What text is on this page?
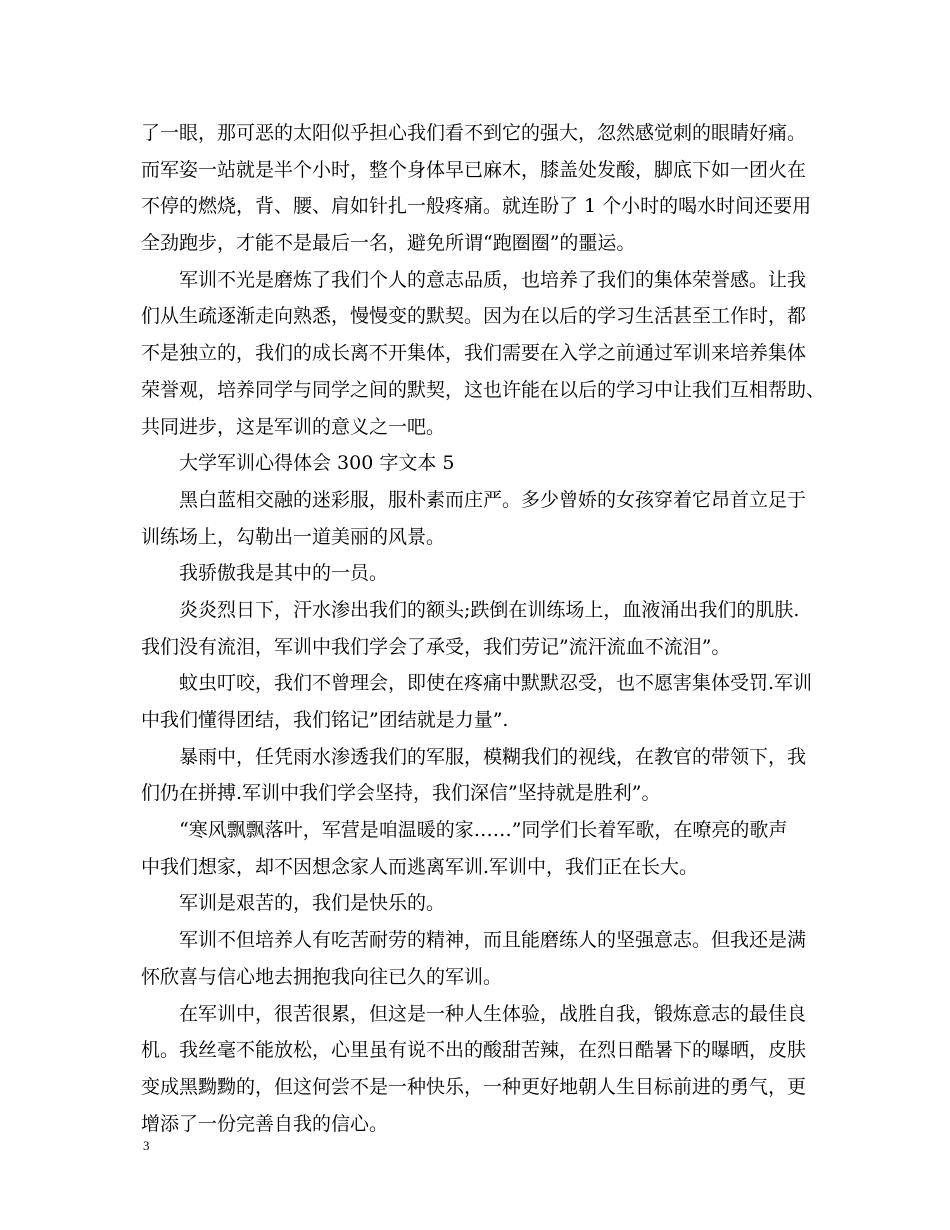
了一眼，那可恶的太阳似乎担心我们看不到它的强大，忽然感觉刺的眼睛好痛。
而军姿一站就是半个小时，整个身体早已麻木，膝盖处发酸，脚底下如一团火在
不停的燃烧，背、腰、肩如针扎一般疼痛。就连盼了 1 个小时的喝水时间还要用
全劲跑步，才能不是最后一名，避免所谓“跑圈圈”的噩运。
军训不光是磨炼了我们个人的意志品质，也培养了我们的集体荣誉感。让我
们从生疏逐渐走向熟悉，慢慢变的默契。因为在以后的学习生活甚至工作时，都
不是独立的，我们的成长离不开集体，我们需要在入学之前通过军训来培养集体
荣誉观，培养同学与同学之间的默契，这也许能在以后的学习中让我们互相帮助、
共同进步，这是军训的意义之一吧。
大学军训心得体会 300 字文本 5
黑白蓝相交融的迷彩服，服朴素而庄严。多少曾娇的女孩穿着它昂首立足于
训练场上，勾勒出一道美丽的风景。
我骄傲我是其中的一员。
炎炎烈日下，汗水渗出我们的额头;跌倒在训练场上，血液涌出我们的肌肤.
我们没有流泪，军训中我们学会了承受，我们劳记”流汗流血不流泪”。
蚊虫叮咬，我们不曾理会，即使在疼痛中默默忍受，也不愿害集体受罚.军训
中我们懂得团结，我们铭记”团结就是力量”.
暴雨中，任凭雨水渗透我们的军服，模糊我们的视线，在教官的带领下，我
们仍在拼搏.军训中我们学会坚持，我们深信”坚持就是胜利”。
“寒风飘飘落叶，军营是咱温暖的家……”同学们长着军歌，在嘹亮的歌声
中我们想家，却不因想念家人而逃离军训.军训中，我们正在长大。
军训是艰苦的，我们是快乐的。
军训不但培养人有吃苦耐劳的精神，而且能磨练人的坚强意志。但我还是满
怀欣喜与信心地去拥抱我向往已久的军训。
在军训中，很苦很累，但这是一种人生体验，战胜自我，锻炼意志的最佳良
机。我丝毫不能放松，心里虽有说不出的酸甜苦辣，在烈日酷暑下的曝晒，皮肤
变成黑黝黝的，但这何尝不是一种快乐，一种更好地朝人生目标前进的勇气，更
增添了一份完善自我的信心。
3
